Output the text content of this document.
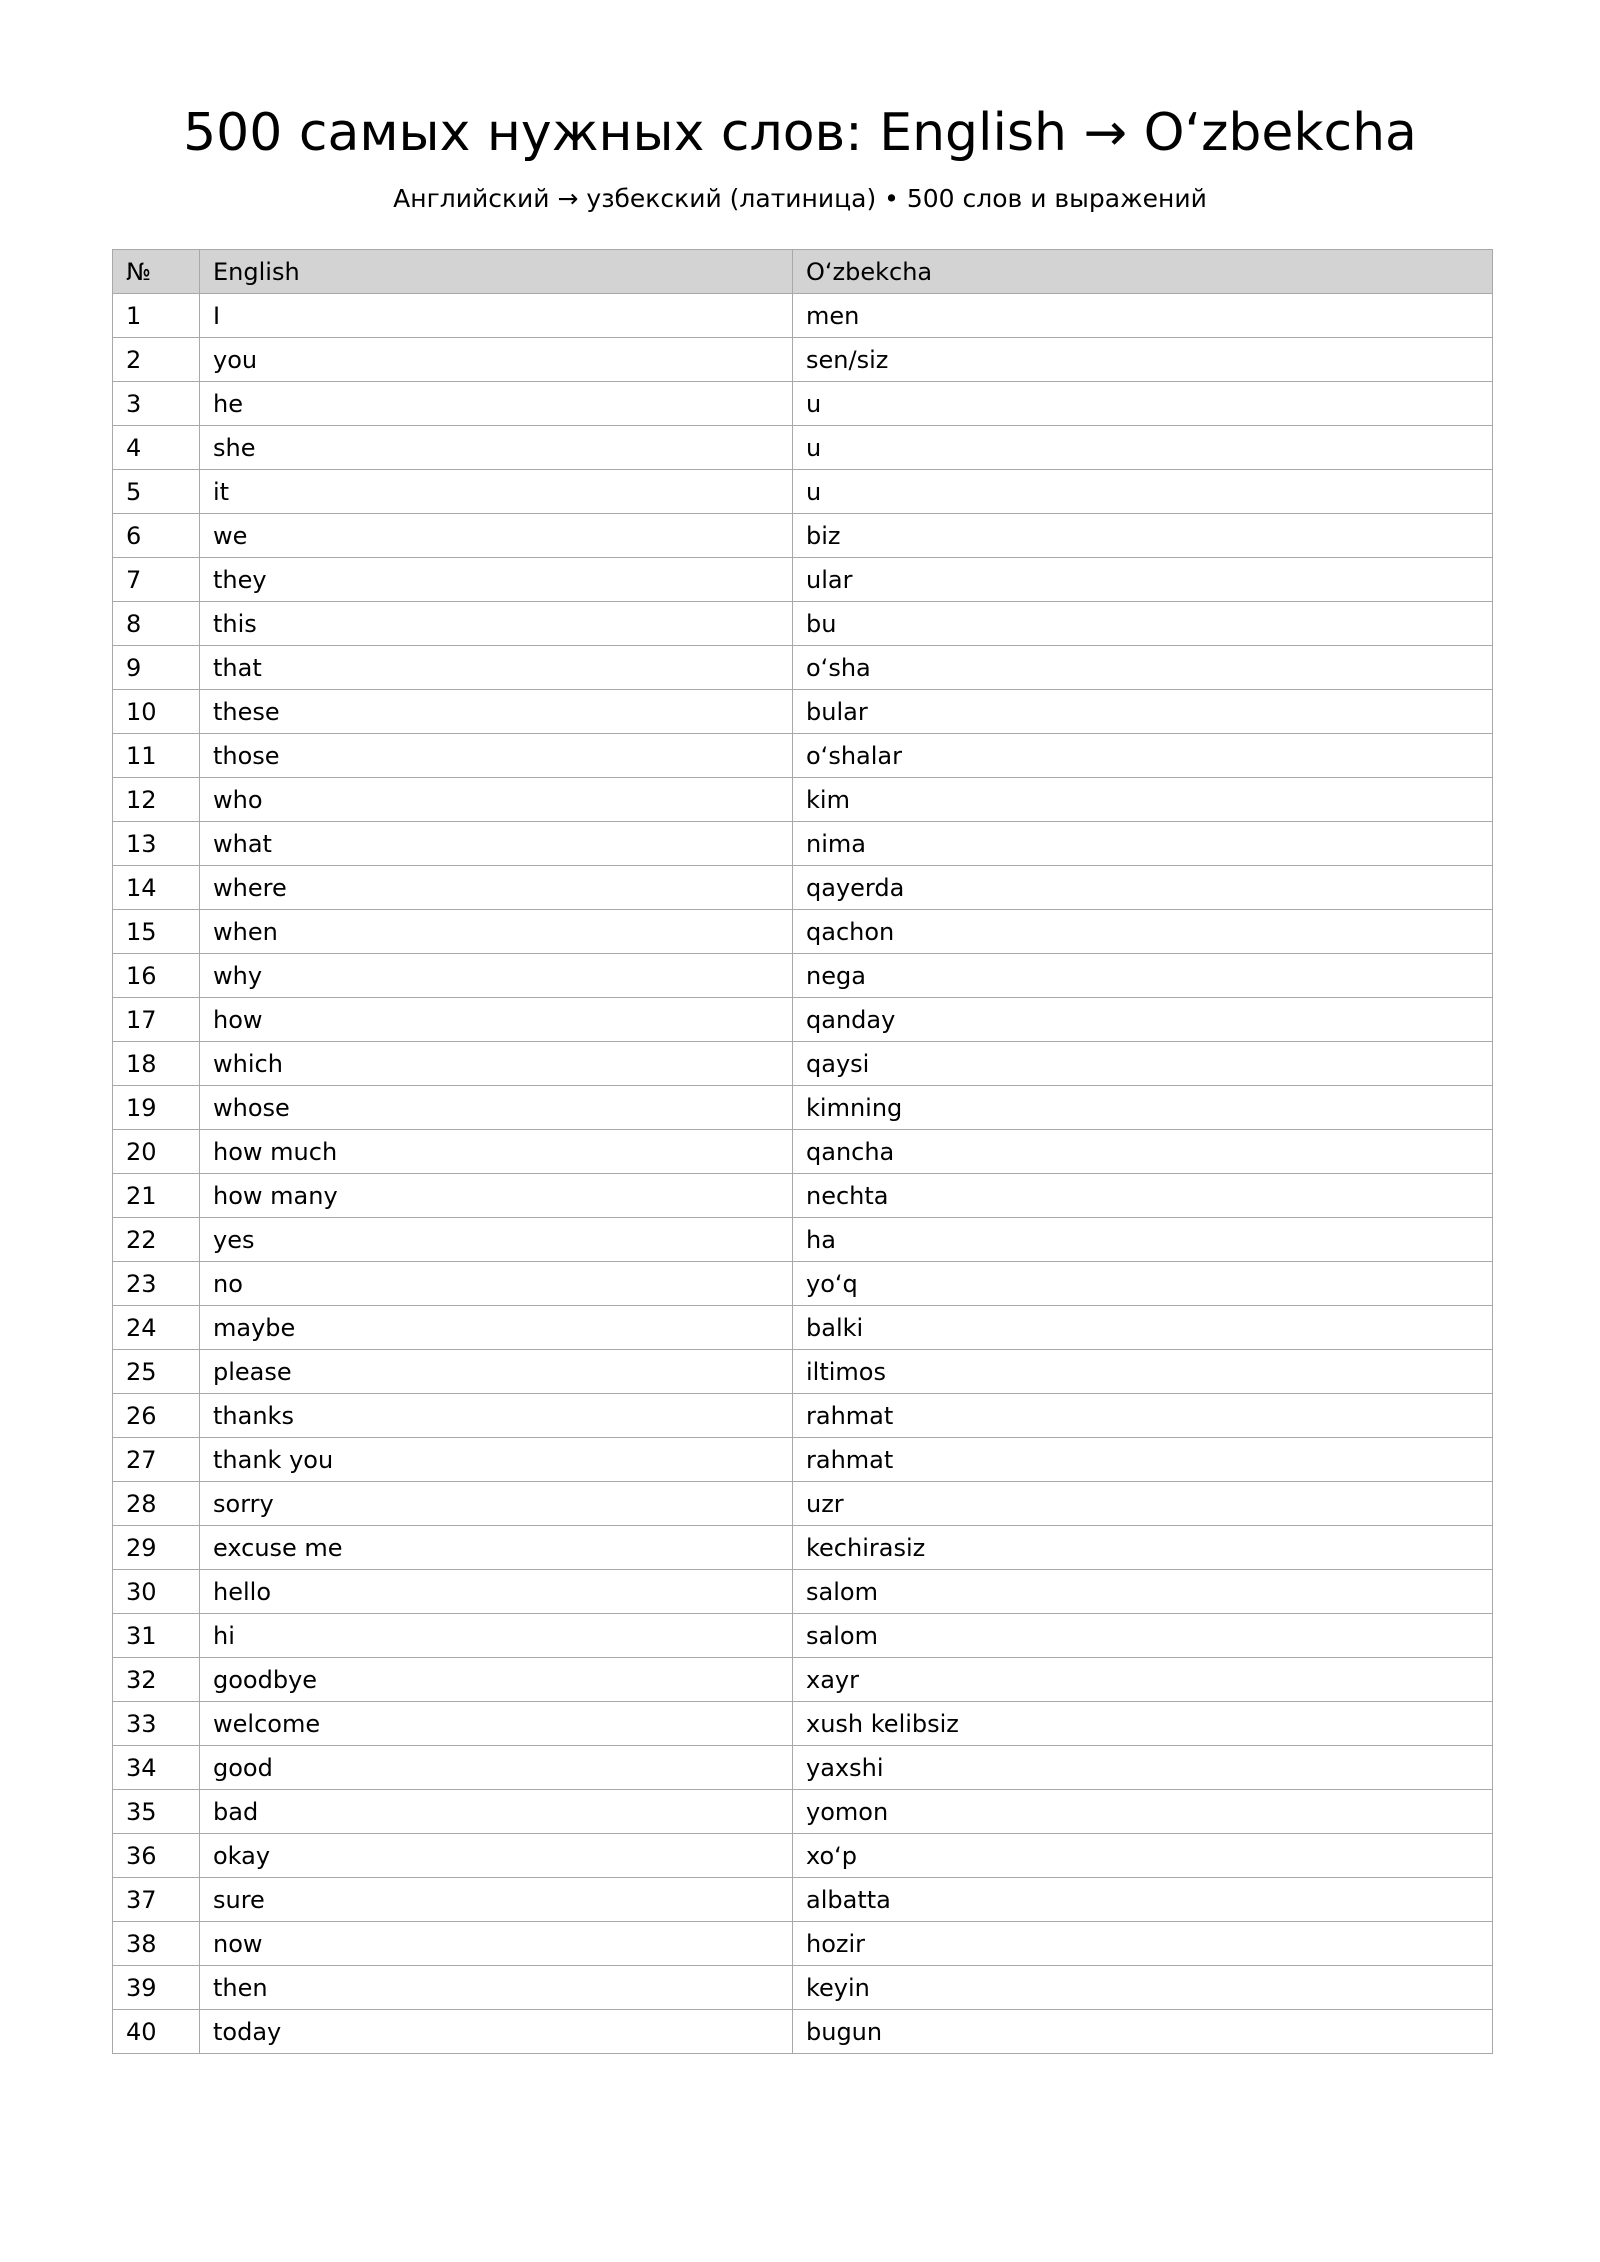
500 самых нужных слов: English → O‘zbekcha

Английский → узбекский (латиница) • 500 слов и выражений

№	English	O‘zbekcha
1	I	men
2	you	sen/siz
3	he	u
4	she	u
5	it	u
6	we	biz
7	they	ular
8	this	bu
9	that	o‘sha
10	these	bular
11	those	o‘shalar
12	who	kim
13	what	nima
14	where	qayerda
15	when	qachon
16	why	nega
17	how	qanday
18	which	qaysi
19	whose	kimning
20	how much	qancha
21	how many	nechta
22	yes	ha
23	no	yo‘q
24	maybe	balki
25	please	iltimos
26	thanks	rahmat
27	thank you	rahmat
28	sorry	uzr
29	excuse me	kechirasiz
30	hello	salom
31	hi	salom
32	goodbye	xayr
33	welcome	xush kelibsiz
34	good	yaxshi
35	bad	yomon
36	okay	xo‘p
37	sure	albatta
38	now	hozir
39	then	keyin
40	today	bugun
